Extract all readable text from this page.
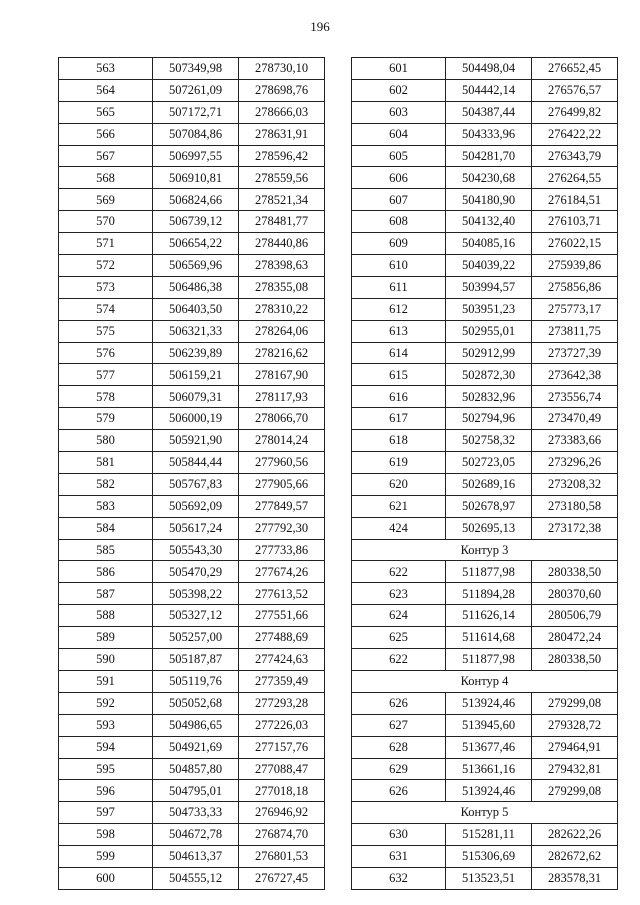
196
563	507349,98	278730,10
564	507261,09	278698,76
565	507172,71	278666,03
566	507084,86	278631,91
567	506997,55	278596,42
568	506910,81	278559,56
569	506824,66	278521,34
570	506739,12	278481,77
571	506654,22	278440,86
572	506569,96	278398,63
573	506486,38	278355,08
574	506403,50	278310,22
575	506321,33	278264,06
576	506239,89	278216,62
577	506159,21	278167,90
578	506079,31	278117,93
579	506000,19	278066,70
580	505921,90	278014,24
581	505844,44	277960,56
582	505767,83	277905,66
583	505692,09	277849,57
584	505617,24	277792,30
585	505543,30	277733,86
586	505470,29	277674,26
587	505398,22	277613,52
588	505327,12	277551,66
589	505257,00	277488,69
590	505187,87	277424,63
591	505119,76	277359,49
592	505052,68	277293,28
593	504986,65	277226,03
594	504921,69	277157,76
595	504857,80	277088,47
596	504795,01	277018,18
597	504733,33	276946,92
598	504672,78	276874,70
599	504613,37	276801,53
600	504555,12	276727,45
601	504498,04	276652,45
602	504442,14	276576,57
603	504387,44	276499,82
604	504333,96	276422,22
605	504281,70	276343,79
606	504230,68	276264,55
607	504180,90	276184,51
608	504132,40	276103,71
609	504085,16	276022,15
610	504039,22	275939,86
611	503994,57	275856,86
612	503951,23	275773,17
613	502955,01	273811,75
614	502912,99	273727,39
615	502872,30	273642,38
616	502832,96	273556,74
617	502794,96	273470,49
618	502758,32	273383,66
619	502723,05	273296,26
620	502689,16	273208,32
621	502678,97	273180,58
424	502695,13	273172,38
Контур 3		
622	511877,98	280338,50
623	511894,28	280370,60
624	511626,14	280506,79
625	511614,68	280472,24
622	511877,98	280338,50
Контур 4		
626	513924,46	279299,08
627	513945,60	279328,72
628	513677,46	279464,91
629	513661,16	279432,81
626	513924,46	279299,08
Контур 5		
630	515281,11	282622,26
631	515306,69	282672,62
632	513523,51	283578,31
